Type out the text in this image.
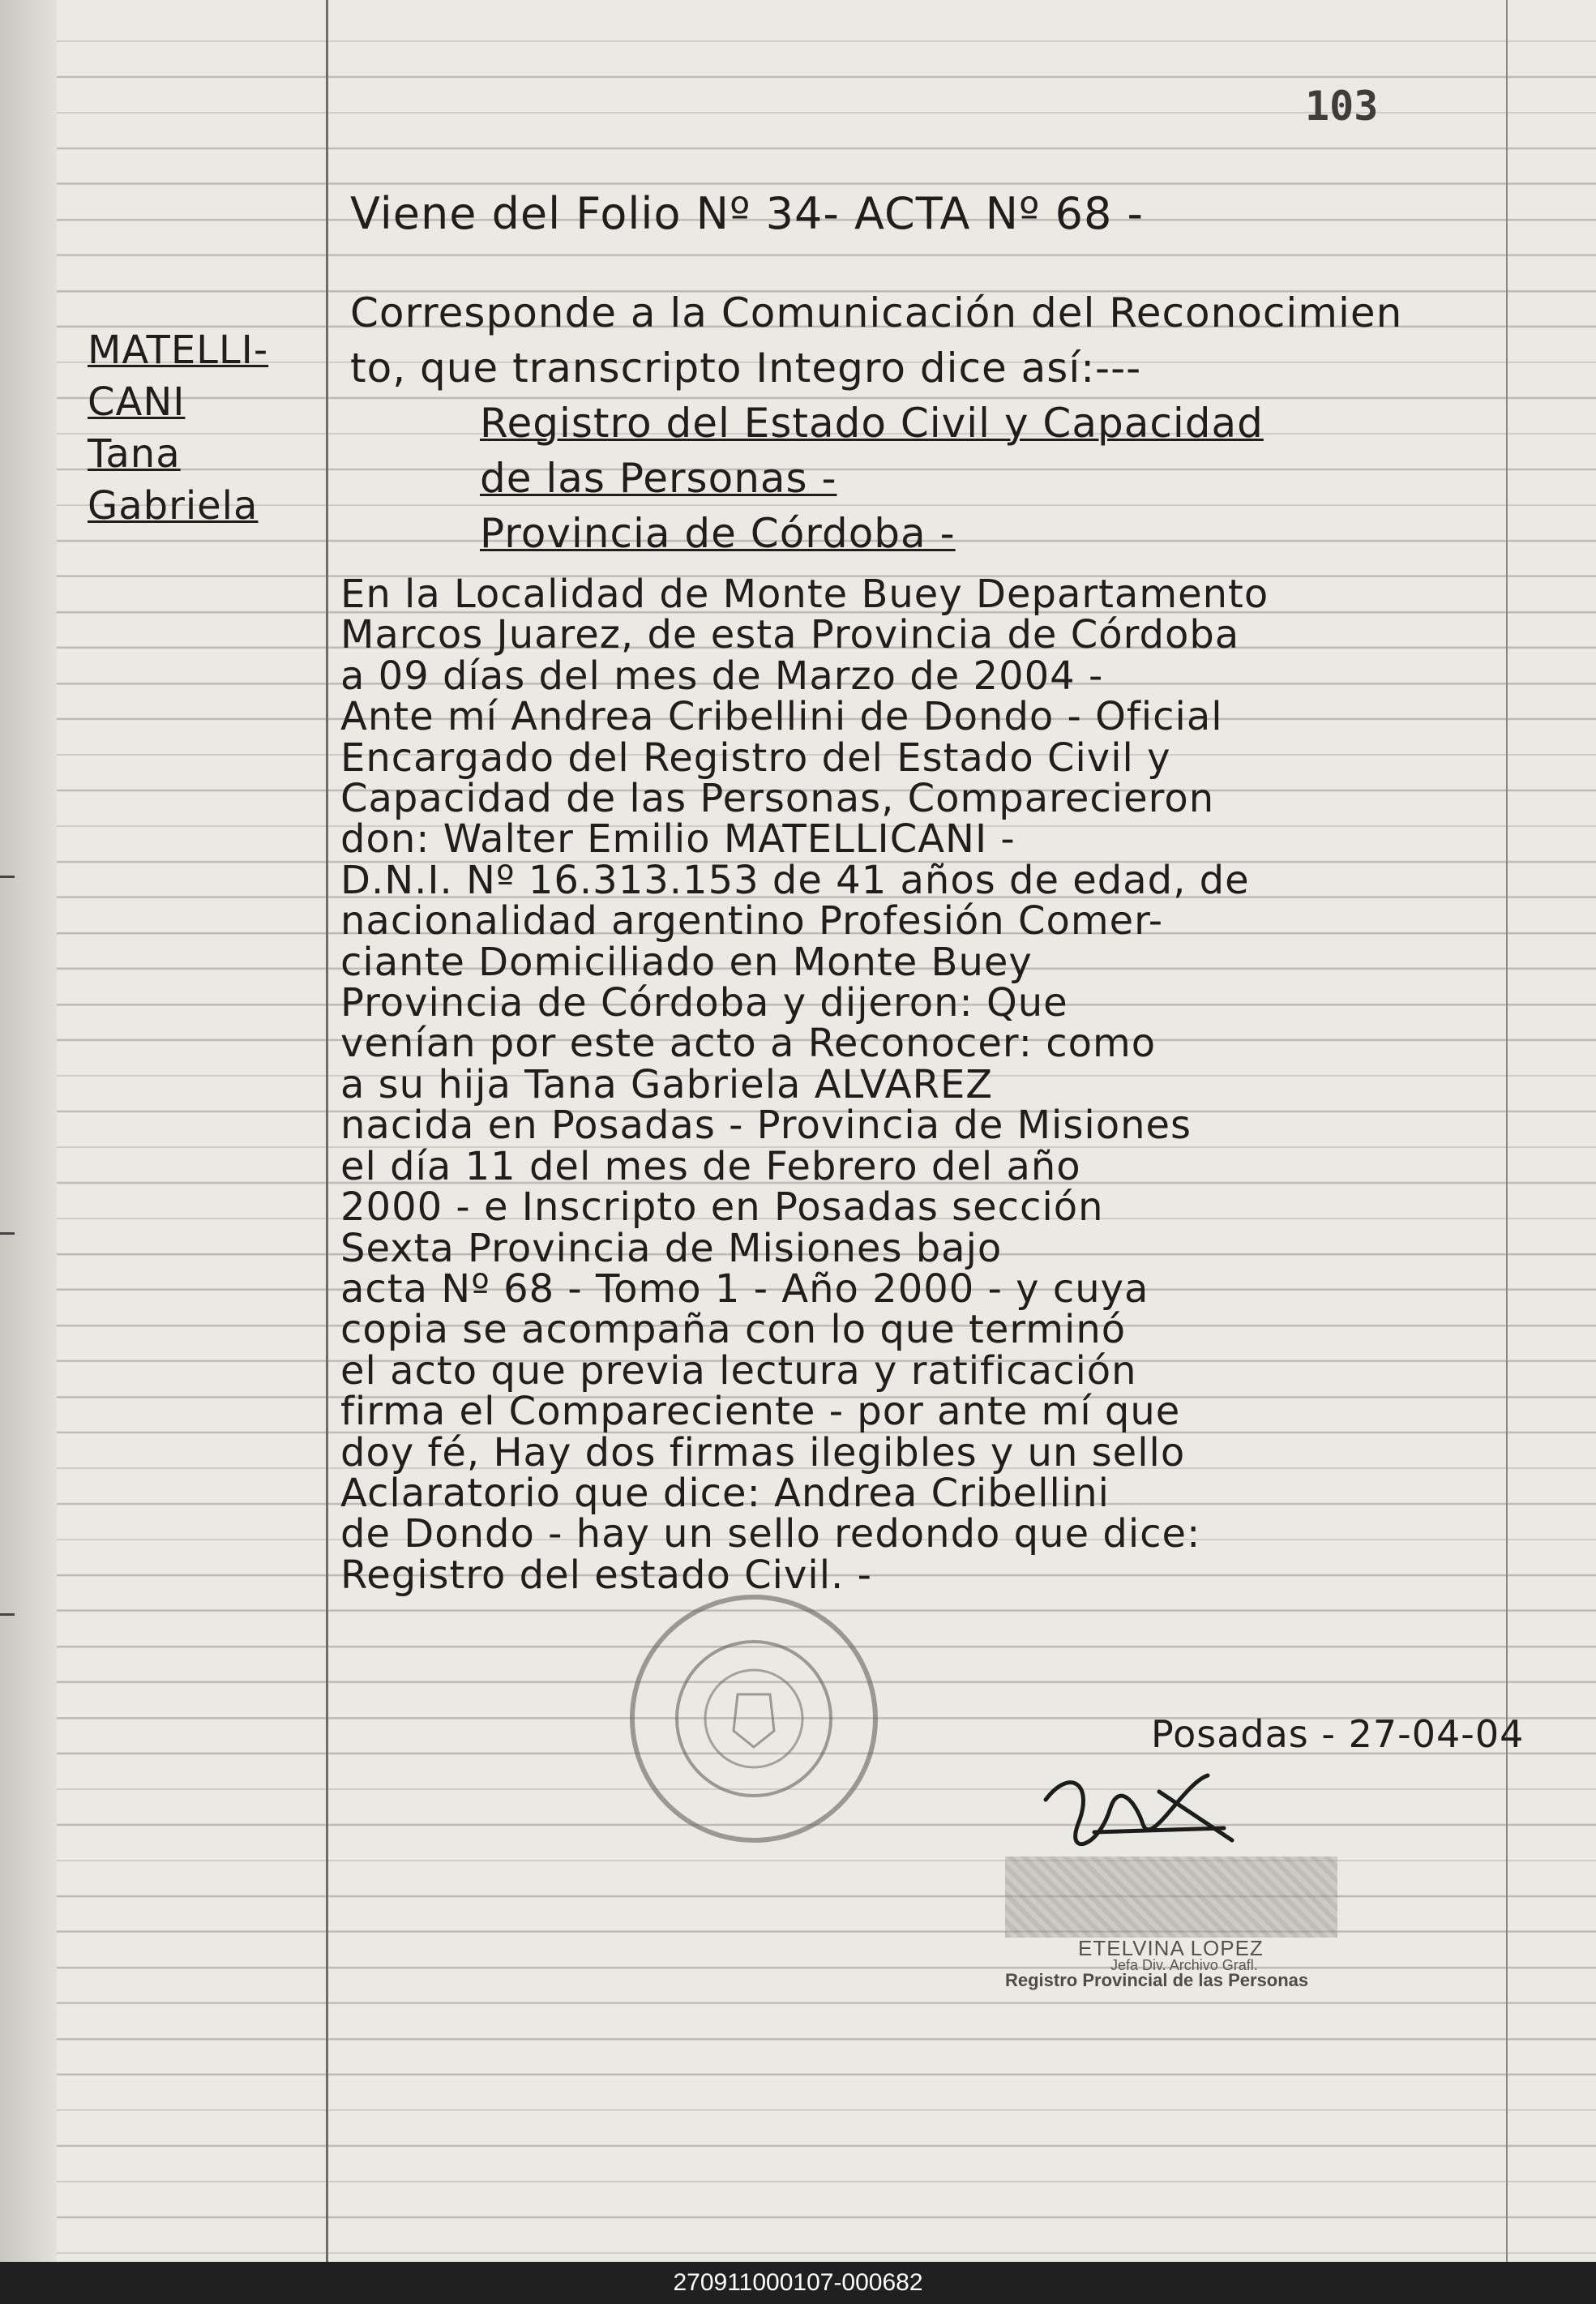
103
Viene del Folio Nº 34- ACTA Nº 68 -
MATELLI-
CANI
Tana
Gabriela
Corresponde a la Comunicación del Reconocimien
to, que transcripto Integro dice así:---
Registro del Estado Civil y Capacidad
de las Personas -
Provincia de Córdoba -
En la Localidad de Monte Buey Departamento
Marcos Juarez, de esta Provincia de Córdoba
a 09 días del mes de Marzo de 2004 -
Ante mí Andrea Cribellini de Dondo - Oficial
Encargado del Registro del Estado Civil y
Capacidad de las Personas, Comparecieron
don: Walter Emilio MATELLICANI -
D.N.I. Nº 16.313.153 de 41 años de edad, de
nacionalidad argentino Profesión Comer-
ciante Domiciliado en Monte Buey
Provincia de Córdoba y dijeron: Que
venían por este acto a Reconocer: como
a su hija Tana Gabriela ALVAREZ
nacida en Posadas - Provincia de Misiones
el día 11 del mes de Febrero del año
2000 - e Inscripto en Posadas sección
Sexta Provincia de Misiones bajo
acta Nº 68 - Tomo 1 - Año 2000 - y cuya
copia se acompaña con lo que terminó
el acto que previa lectura y ratificación
firma el Compareciente - por ante mí que
doy fé, Hay dos firmas ilegibles y un sello
Aclaratorio que dice: Andrea Cribellini
de Dondo - hay un sello redondo que dice:
Registro del estado Civil. -
Posadas - 27-04-04
ETELVINA LOPEZ
Jefa Div. Archivo Grafl.
Registro Provincial de las Personas
270911000107-000682
